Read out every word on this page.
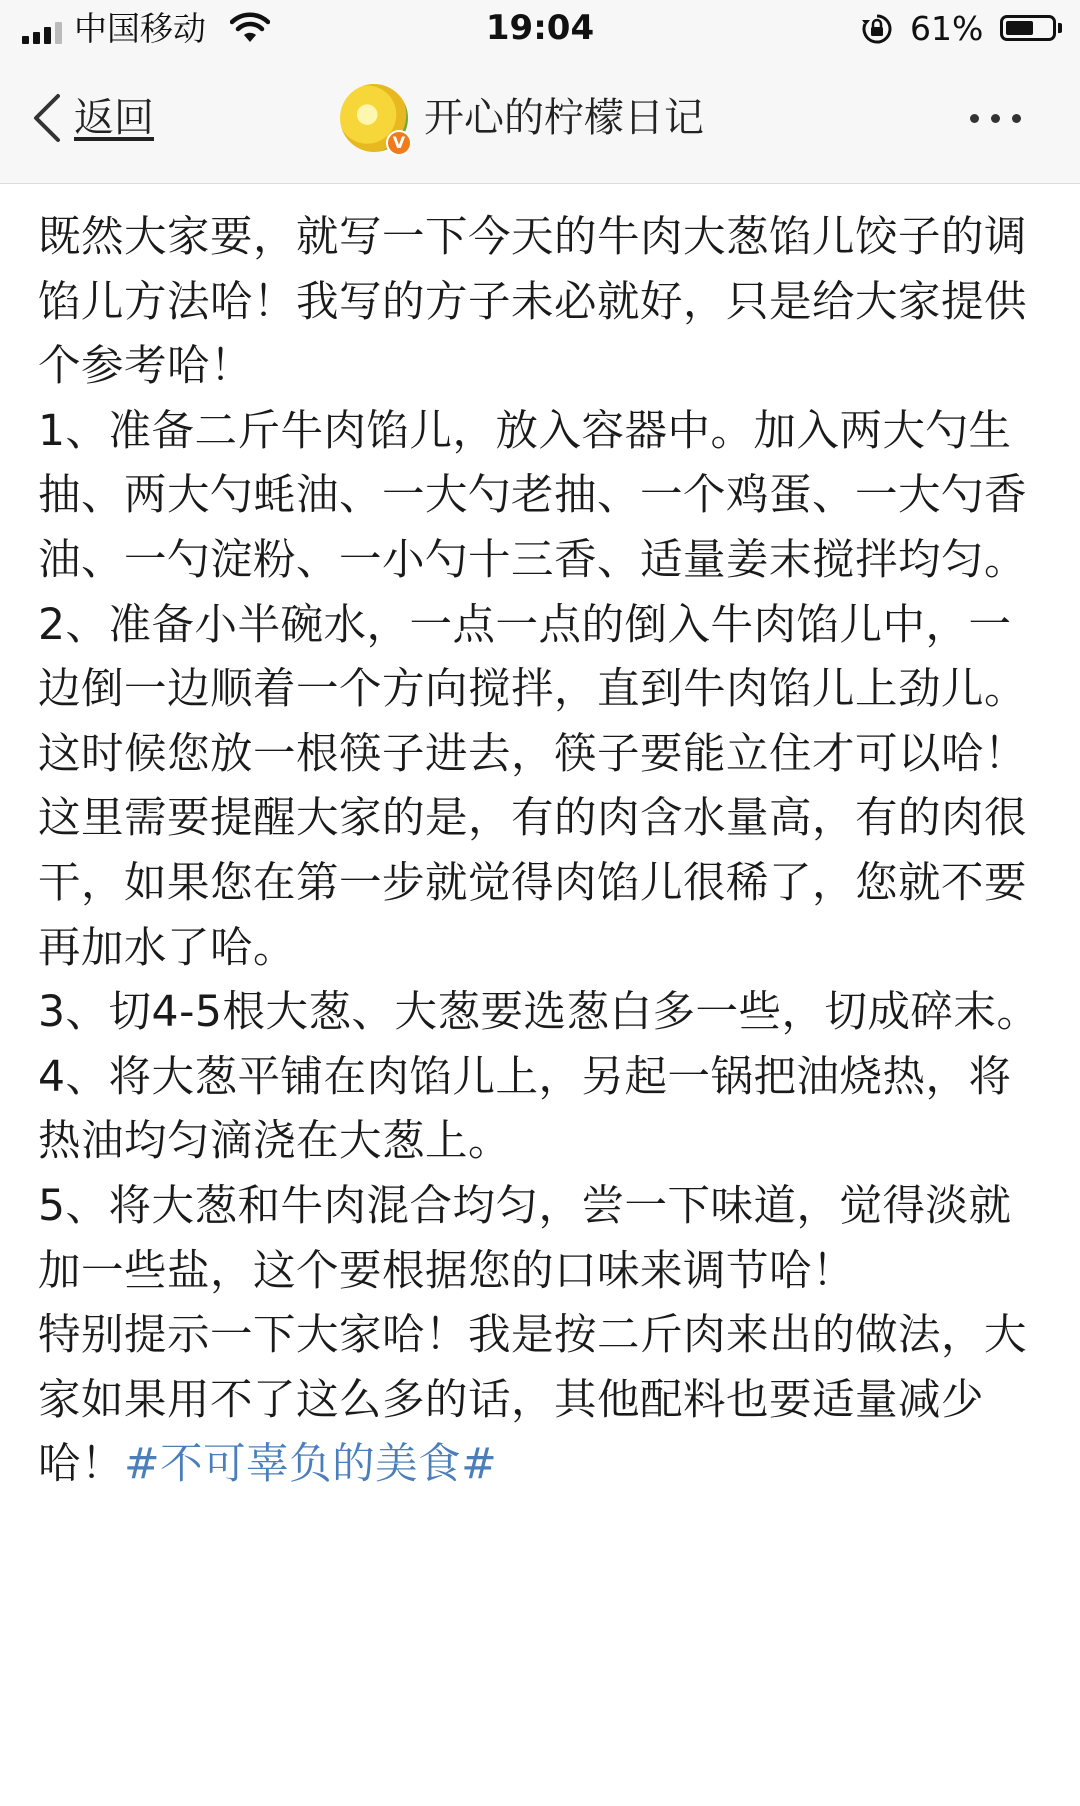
中国移动	19:04	61%
返回
V
开心的柠檬日记

既然大家要，就写一下今天的牛肉大葱馅儿饺子的调馅儿方法哈！我写的方子未必就好，只是给大家提供个参考哈！

1、准备二斤牛肉馅儿，放入容器中。加入两大勺生抽、两大勺蚝油、一大勺老抽、一个鸡蛋、一大勺香油、一勺淀粉、一小勺十三香、适量姜末搅拌均匀。

2、准备小半碗水，一点一点的倒入牛肉馅儿中，一边倒一边顺着一个方向搅拌，直到牛肉馅儿上劲儿。这时候您放一根筷子进去，筷子要能立住才可以哈！这里需要提醒大家的是，有的肉含水量高，有的肉很干，如果您在第一步就觉得肉馅儿很稀了，您就不要再加水了哈。

3、切4-5根大葱、大葱要选葱白多一些，切成碎末。

4、将大葱平铺在肉馅儿上，另起一锅把油烧热，将热油均匀滴浇在大葱上。

5、将大葱和牛肉混合均匀，尝一下味道，觉得淡就加一些盐，这个要根据您的口味来调节哈！

特别提示一下大家哈！我是按二斤肉来出的做法，大家如果用不了这么多的话，其他配料也要适量减少哈！#不可辜负的美食#
